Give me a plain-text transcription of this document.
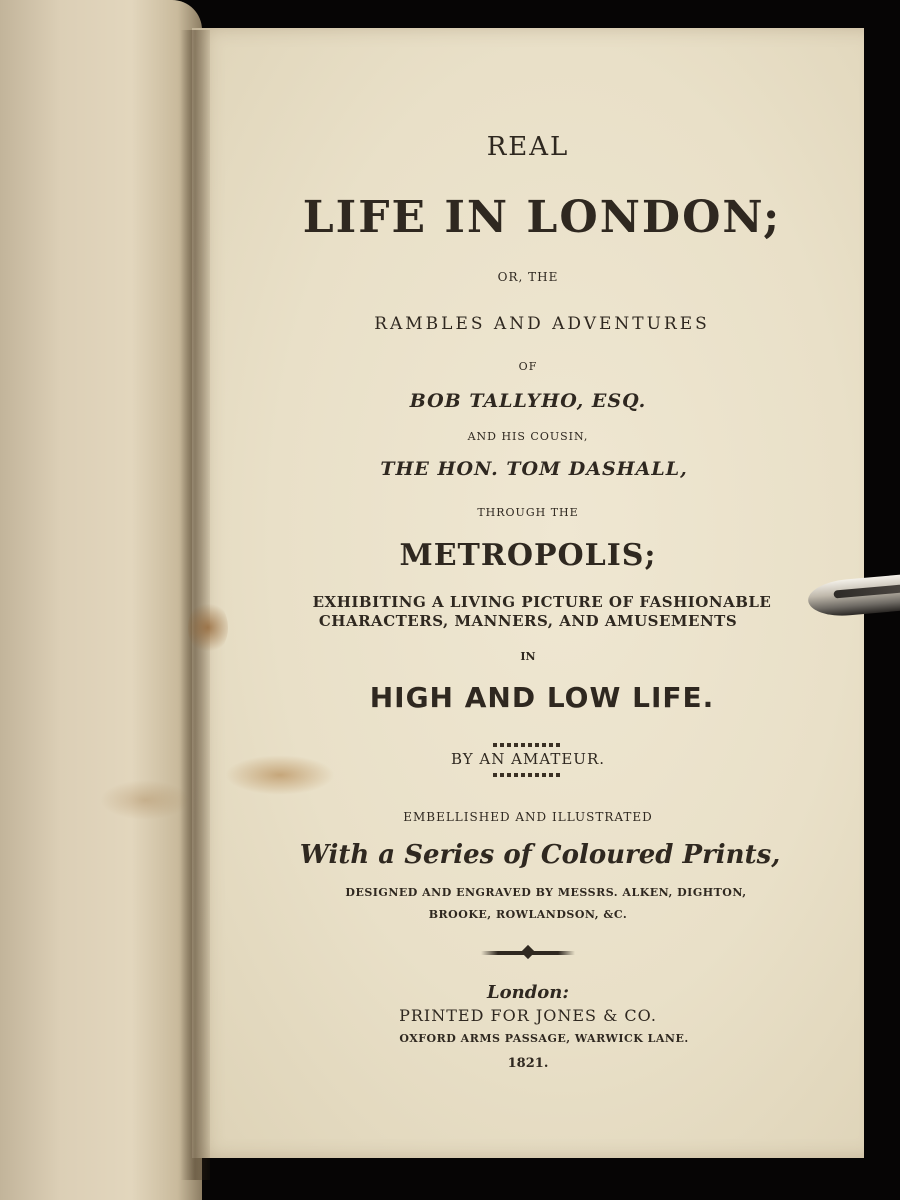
REAL
LIFE IN LONDON;
OR, THE
RAMBLES AND ADVENTURES
OF
BOB TALLYHO, ESQ.
AND HIS COUSIN,
THE HON. TOM DASHALL,
THROUGH THE
METROPOLIS;
EXHIBITING A LIVING PICTURE OF FASHIONABLE
CHARACTERS, MANNERS, AND AMUSEMENTS
IN
HIGH AND LOW LIFE.
BY AN AMATEUR.
EMBELLISHED AND ILLUSTRATED
With a Series of Coloured Prints,
DESIGNED AND ENGRAVED BY MESSRS. ALKEN, DIGHTON,
BROOKE, ROWLANDSON, &C.
London:
PRINTED FOR JONES & CO.
OXFORD ARMS PASSAGE, WARWICK LANE.
1821.
